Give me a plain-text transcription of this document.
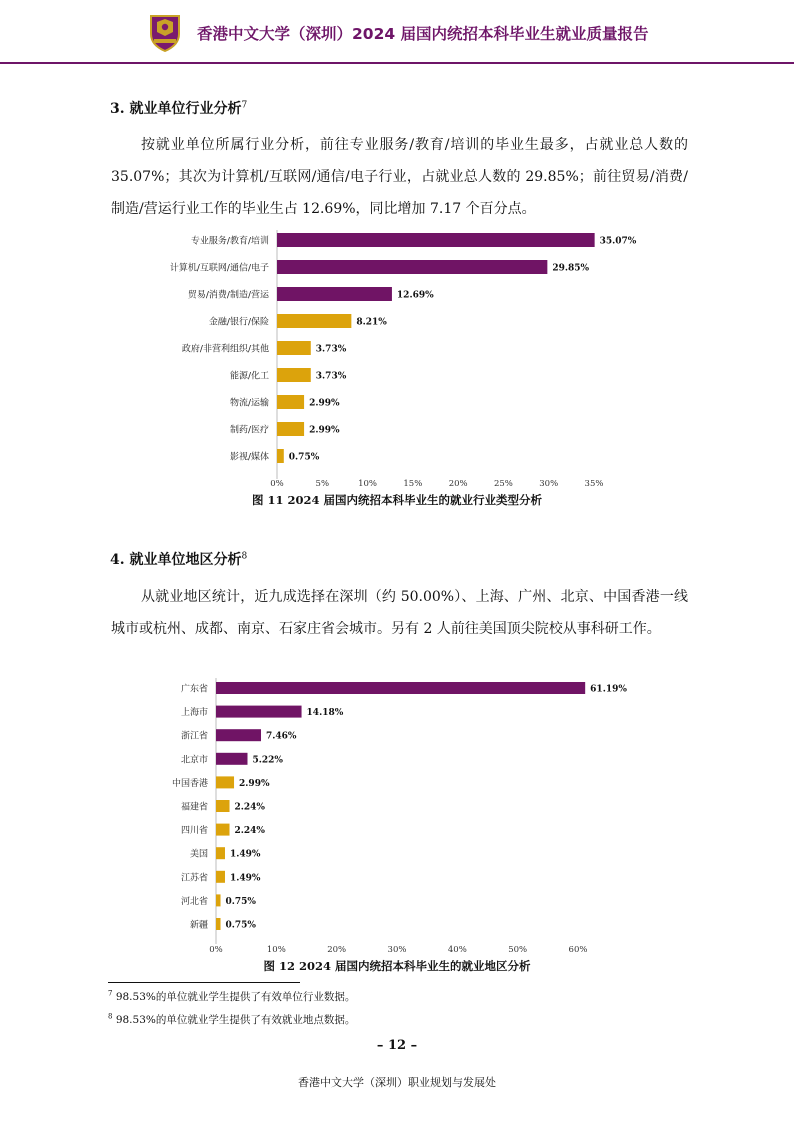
香港中文大学（深圳）2024 届国内统招本科毕业生就业质量报告
3. 就业单位行业分析$^7$
按就业单位所属行业分析，前往专业服务/教育/培训的毕业生最多，占就业总人数的 35.07%；其次为计算机/互联网/通信/电子行业，占就业总人数的 29.85%；前往贸易/消费/制造/营运行业工作的毕业生占 12.69%，同比增加 7.17 个百分点。
专业服务/教育/培训	35.07%
计算机/互联网/通信/电子	29.85%
贸易/消费/制造/营运	12.69%
金融/银行/保险	8.21%
政府/非营利组织/其他	3.73%
能源/化工	3.73%
物流/运输	2.99%
制药/医疗	2.99%
影视/媒体 0.75%
0%	5%	10%	15%	20%	25%	30%	35%
图 11 2024 届国内统招本科毕业生的就业行业类型分析
4. 就业单位地区分析$^8$
从就业地区统计，近九成选择在深圳（约 50.00%）、上海、广州、北京、中国香港一线城市或杭州、成都、南京、石家庄省会城市。另有 2 人前往美国顶尖院校从事科研工作。
广东省	61.19%
上海市	14.18%
浙江省	7.46%
北京市	5.22%
中国香港	2.99%
福建省	2.24%
四川省	2.24%
美国 1.49%
江苏省 1.49%
河北省 0.75%
新疆 0.75%
0%	10%	20%	30%	40%	50%	60%
图 12 2024 届国内统招本科毕业生的就业地区分析
$^7$ 98.53%的单位就业学生提供了有效单位行业数据。
$^8$ 98.53%的单位就业学生提供了有效就业地点数据。
– 12 –
香港中文大学（深圳）职业规划与发展处
